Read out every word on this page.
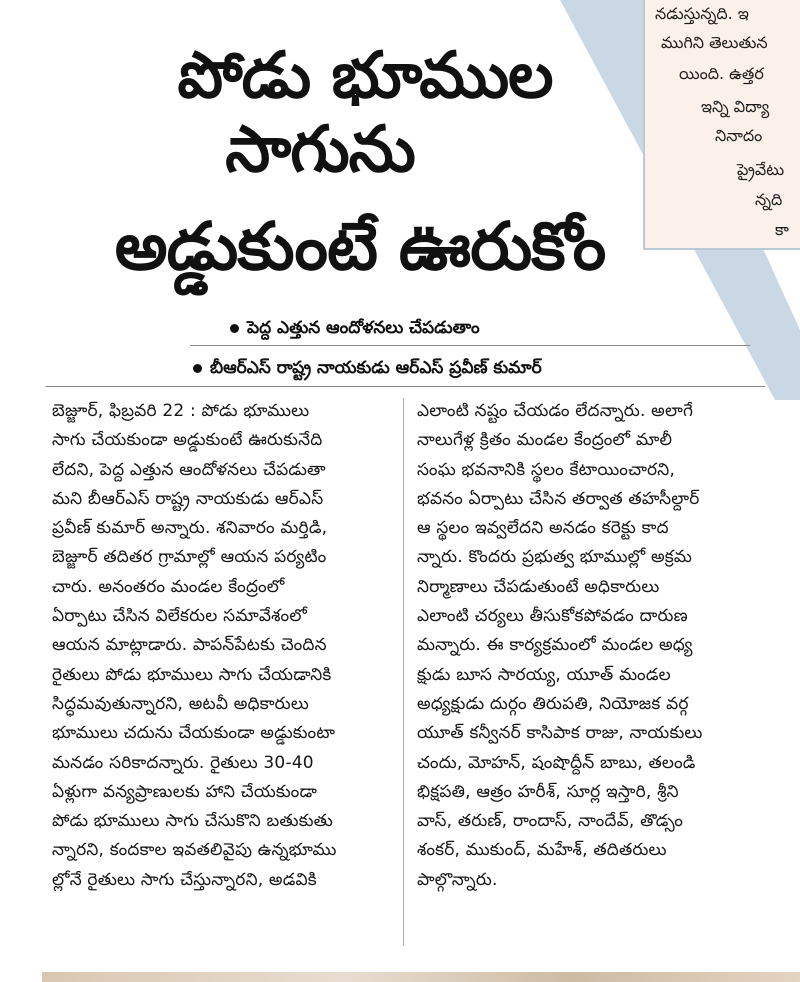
నడుస్తున్నది. ఇ
ముగిని తెలుతున
యింది. ఉత్తర
ఇన్ని విద్యా
నినాదం
ప్రైవేటు
న్నది
కా
పోడు భూముల
సాగును
అడ్డుకుంటే ఊరుకోం
పెద్ద ఎత్తున ఆందోళనలు చేపడుతాం
బీఆర్ఎస్ రాష్ట్ర నాయకుడు ఆర్ఎస్ ప్రవీణ్ కుమార్
బెజ్జూర్, ఫిబ్రవరి 22 : పోడు భూములు
సాగు చేయకుండా అడ్డుకుంటే ఊరుకునేది
లేదని, పెద్ద ఎత్తున ఆందోళనలు చేపడుతా
మని బీఆర్ఎస్ రాష్ట్ర నాయకుడు ఆర్ఎస్
ప్రవీణ్ కుమార్ అన్నారు. శనివారం మర్తిడి,
బెజ్జూర్ తదితర గ్రామాల్లో ఆయన పర్యటిం
చారు. అనంతరం మండల కేంద్రంలో
ఏర్పాటు చేసిన విలేకరుల సమావేశంలో
ఆయన మాట్లాడారు. పాపన్‌పేటకు చెందిన
రైతులు పోడు భూములు సాగు చేయడానికి
సిద్ధమవుతున్నారని, అటవీ అధికారులు
భూములు చదును చేయకుండా అడ్డుకుంటా
మనడం సరికాదన్నారు. రైతులు 30-40
ఏళ్లుగా వన్యప్రాణులకు హాని చేయకుండా
పోడు భూములు సాగు చేసుకొని బతుకుతు
న్నారని, కందకాల ఇవతలివైపు ఉన్నభూము
ల్లోనే రైతులు సాగు చేస్తున్నారని, అడవికి
ఎలాంటి నష్టం చేయడం లేదన్నారు. అలాగే
నాలుగేళ్ల క్రితం మండల కేంద్రంలో మాలీ
సంఘ భవనానికి స్థలం కేటాయించారని,
భవనం ఏర్పాటు చేసిన తర్వాత తహసీల్దార్
ఆ స్థలం ఇవ్వలేదని అనడం కరెక్టు కాద
న్నారు. కొందరు ప్రభుత్వ భూముల్లో అక్రమ
నిర్మాణాలు చేపడుతుంటే అధికారులు
ఎలాంటి చర్యలు తీసుకోకపోవడం దారుణ
మన్నారు. ఈ కార్యక్రమంలో మండల అధ్య
క్షుడు బూస సారయ్య, యూత్ మండల
అధ్యక్షుడు దుర్గం తిరుపతి, నియోజక వర్గ
యూత్ కన్వీనర్ కాసిపాక రాజు, నాయకులు
చందు, మోహన్, షంషొద్దీన్ బాబు, తలండి
భిక్షపతి, ఆత్రం హరీశ్, సూర్ల ఇస్తారి, శ్రీని
వాస్, తరుణ్, రాందాస్, నాందేవ్, తొడ్సం
శంకర్, ముకుంద్, మహేశ్, తదితరులు
పాల్గొన్నారు.
